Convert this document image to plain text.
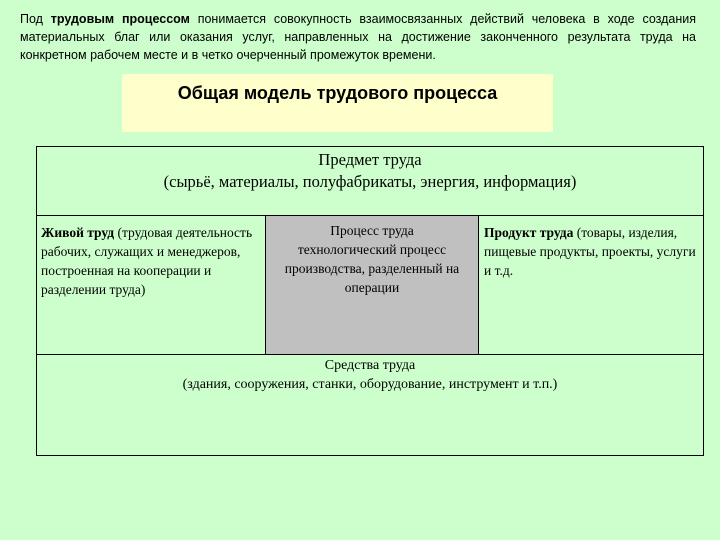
Под трудовым процессом понимается совокупность взаимосвязанных действий человека в ходе создания материальных благ или оказания услуг, направленных на достижение законченного результата труда на конкретном рабочем месте и в четко очерченный промежуток времени.
Общая модель трудового процесса
Предмет труда
(сырьё, материалы, полуфабрикаты, энергия, информация)
Живой труд (трудовая деятельность рабочих, служащих и менеджеров, построенная на кооперации и разделении труда)
Процесс труда
технологический процесс производства, разделенный на операции
Продукт труда (товары, изделия, пищевые продукты, проекты, услуги и т.д.
Средства труда
(здания, сооружения, станки, оборудование, инструмент и т.п.)
